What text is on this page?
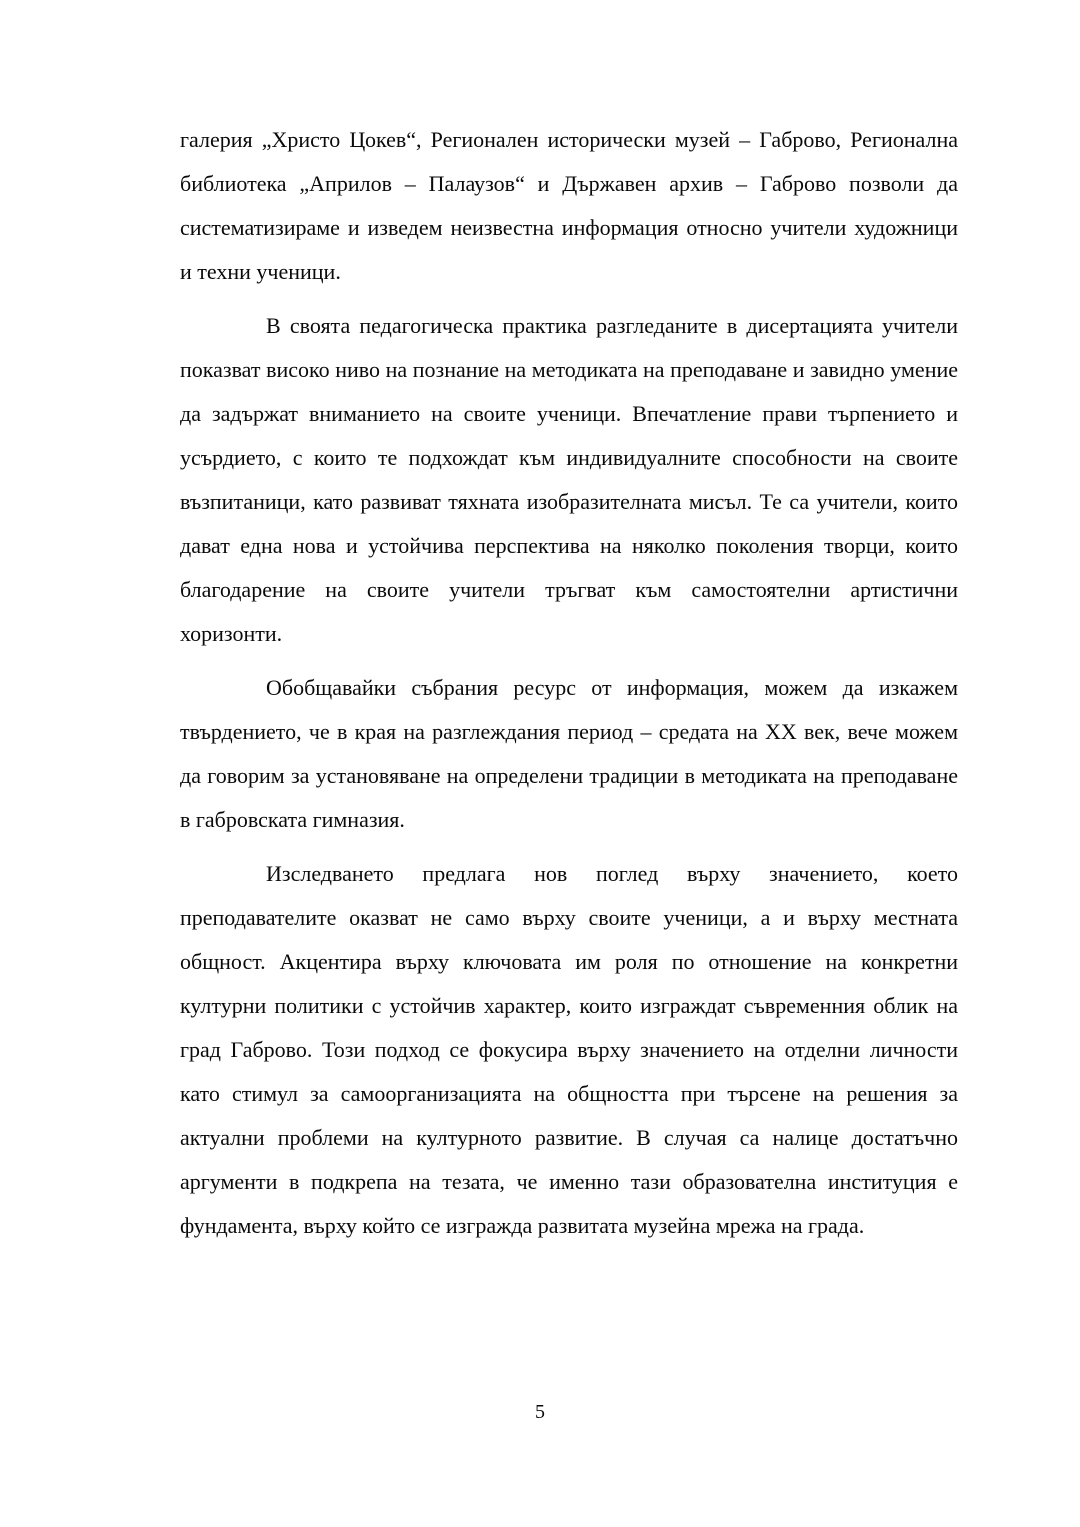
галерия „Христо Цокев“, Регионален исторически музей – Габрово, Регионална библиотека „Априлов – Палаузов“ и Държавен архив – Габрово позволи да систематизираме и изведем неизвестна информация относно учители художници и техни ученици.

В своята педагогическа практика разгледаните в дисертацията учители показват високо ниво на познание на методиката на преподаване и завидно умение да задържат вниманието на своите ученици. Впечатление прави търпението и усърдието, с които те подхождат към индивидуалните способности на своите възпитаници, като развиват тяхната изобразителната мисъл. Те са учители, които дават една нова и устойчива перспектива на няколко поколения творци, които благодарение на своите учители тръгват към самостоятелни артистични хоризонти.

Обобщавайки събрания ресурс от информация, можем да изкажем твърдението, че в края на разглеждания период – средата на XX век, вече можем да говорим за установяване на определени традиции в методиката на преподаване в габровската гимназия.

Изследването предлага нов поглед върху значението, което преподавателите оказват не само върху своите ученици, а и върху местната общност. Акцентира върху ключовата им роля по отношение на конкретни културни политики с устойчив характер, които изграждат съвременния облик на град Габрово. Този подход се фокусира върху значението на отделни личности като стимул за самоорганизацията на общността при търсене на решения за актуални проблеми на културното развитие. В случая са налице достатъчно аргументи в подкрепа на тезата, че именно тази образователна институция е фундамента, върху който се изгражда развитата музейна мрежа на града.

5
